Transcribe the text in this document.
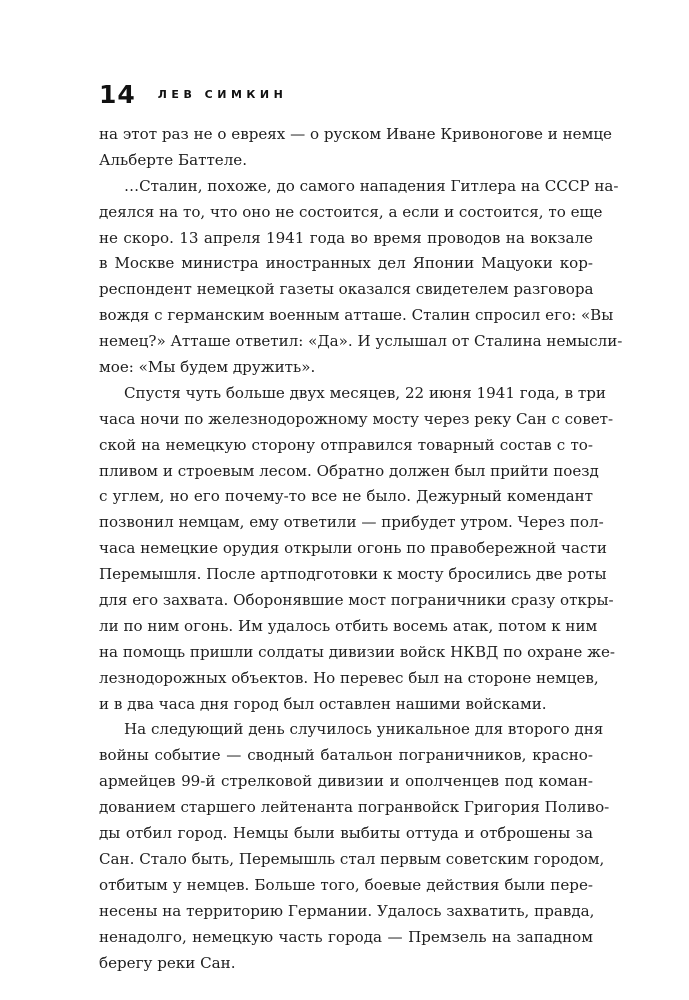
14 ЛЕВ СИМКИН
на этот раз не о евреях — о руском Иване Кривоногове и немце
Альберте Баттеле.
…Сталин, похоже, до самого нападения Гитлера на СССР на-
деялся на то, что оно не состоится, а если и состоится, то еще
не скоро. 13 апреля 1941 года во время проводов на вокзале
в Москве министра иностранных дел Японии Мацуоки кор-
респондент немецкой газеты оказался свидетелем разговора
вождя с германским военным атташе. Сталин спросил его: «Вы
немец?» Атташе ответил: «Да». И услышал от Сталина немысли-
мое: «Мы будем дружить».
Спустя чуть больше двух месяцев, 22 июня 1941 года, в три
часа ночи по железнодорожному мосту через реку Сан с совет-
ской на немецкую сторону отправился товарный состав с то-
пливом и строевым лесом. Обратно должен был прийти поезд
с углем, но его почему-то все не было. Дежурный комендант
позвонил немцам, ему ответили — прибудет утром. Через пол-
часа немецкие орудия открыли огонь по правобережной части
Перемышля. После артподготовки к мосту бросились две роты
для его захвата. Оборонявшие мост пограничники сразу откры-
ли по ним огонь. Им удалось отбить восемь атак, потом к ним
на помощь пришли солдаты дивизии войск НКВД по охране же-
лезнодорожных объектов. Но перевес был на стороне немцев,
и в два часа дня город был оставлен нашими войсками.
На следующий день случилось уникальное для второго дня
войны событие — сводный батальон пограничников, красно-
армейцев 99-й стрелковой дивизии и ополченцев под коман-
дованием старшего лейтенанта погранвойск Григория Поливо-
ды отбил город. Немцы были выбиты оттуда и отброшены за
Сан. Стало быть, Перемышль стал первым советским городом,
отбитым у немцев. Больше того, боевые действия были пере-
несены на территорию Германии. Удалось захватить, правда,
ненадолго, немецкую часть города — Премзель на западном
берегу реки Сан.
